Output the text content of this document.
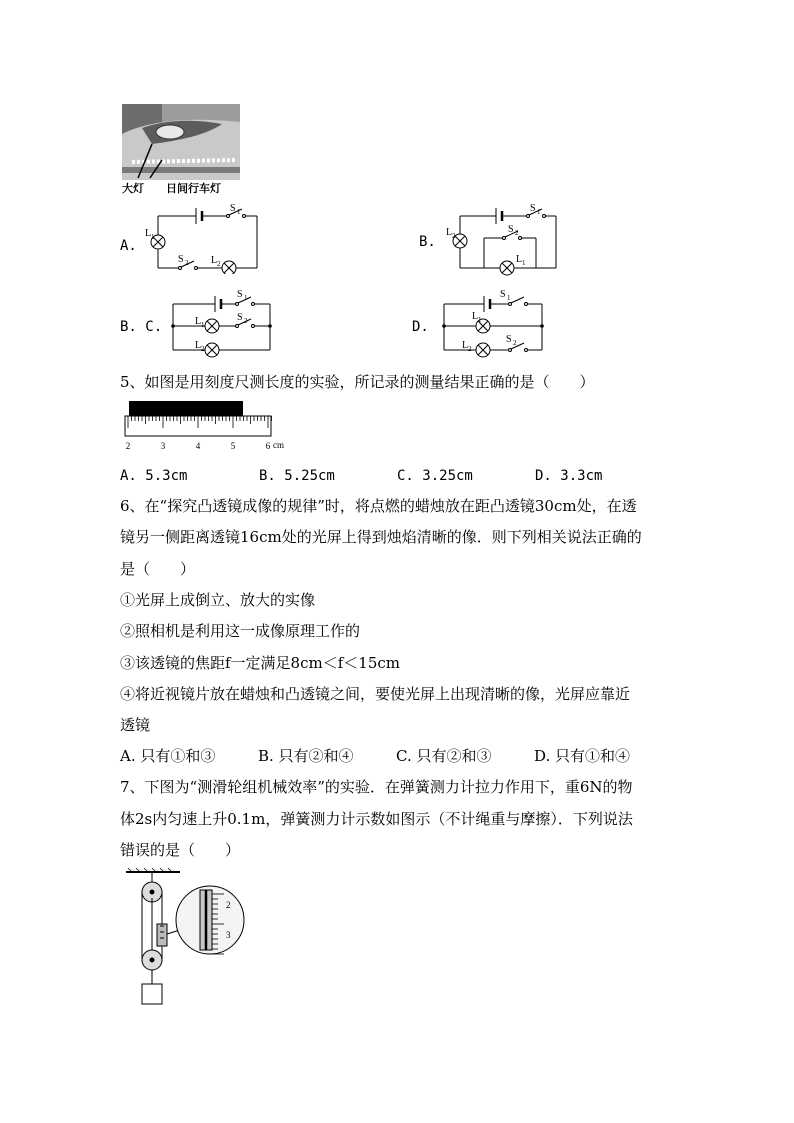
大灯 日间行车灯
A.	B.
B. C.	D.
L 1
S 1
S 2 L 2
L 2
S 1
S 2
L 1
S 1
L 1
S 2
L 2
S 1
L 1
L 2
S 2
5、如图是用刻度尺测长度的实验，所记录的测量结果正确的是（　　）
2	3	4	5	6 cm
A. 5.3cm	B. 5.25cm	C. 3.25cm	D. 3.3cm
6、在“探究凸透镜成像的规律”时，将点燃的蜡烛放在距凸透镜30cm处，在透
镜另一侧距离透镜16cm处的光屏上得到烛焰清晰的像．则下列相关说法正确的
是（　　）
①光屏上成倒立、放大的实像
②照相机是利用这一成像原理工作的
③该透镜的焦距f一定满足8cm＜f＜15cm
④将近视镜片放在蜡烛和凸透镜之间，要使光屏上出现清晰的像，光屏应靠近
透镜
A. 只有①和③	B. 只有②和④	C. 只有②和③	D. 只有①和④
7、下图为“测滑轮组机械效率”的实验．在弹簧测力计拉力作用下，重6N的物
体2s内匀速上升0.1m，弹簧测力计示数如图示（不计绳重与摩擦）．下列说法
错误的是（　　）
2
3
